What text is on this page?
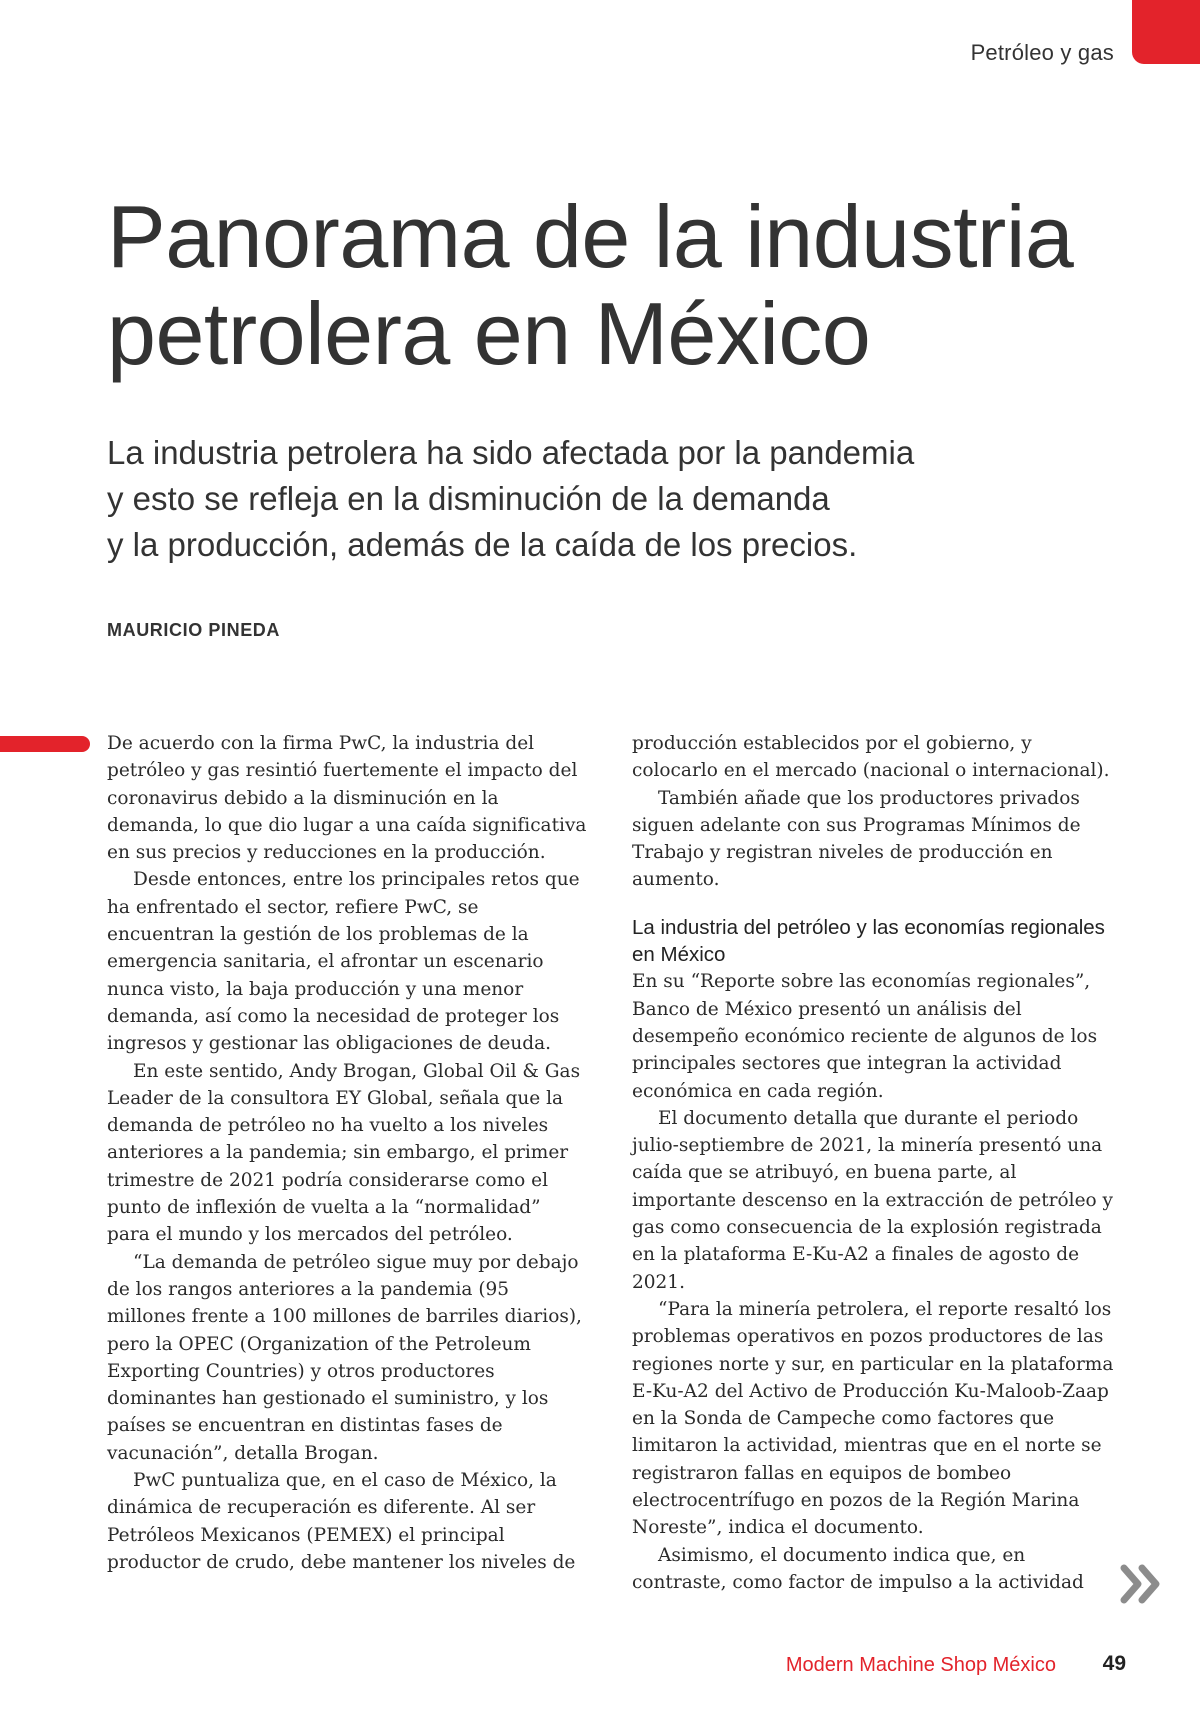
Petróleo y gas
Panorama de la industria petrolera en México

La industria petrolera ha sido afectada por la pandemia
y esto se refleja en la disminución de la demanda
y la producción, además de la caída de los precios.

MAURICIO PINEDA

De acuerdo con la firma PwC, la industria del petróleo y gas resintió fuertemente el impacto del coronavirus debido a la disminución en la demanda, lo que dio lugar a una caída significativa en sus precios y reducciones en la producción.

Desde entonces, entre los principales retos que ha enfrentado el sector, refiere PwC, se encuentran la gestión de los problemas de la emergencia sanitaria, el afrontar un escenario nunca visto, la baja producción y una menor demanda, así como la necesidad de proteger los ingresos y gestionar las obligaciones de deuda.

En este sentido, Andy Brogan, Global Oil & Gas Leader de la consultora EY Global, señala que la demanda de petróleo no ha vuelto a los niveles anteriores a la pandemia; sin embargo, el primer trimestre de 2021 podría considerarse como el punto de inflexión de vuelta a la “normalidad” para el mundo y los mercados del petróleo.

“La demanda de petróleo sigue muy por debajo de los rangos anteriores a la pandemia (95 millones frente a 100 millones de barriles diarios), pero la OPEC (Organization of the Petroleum Exporting Countries) y otros productores dominantes han gestionado el suministro, y los países se encuentran en distintas fases de vacunación”, detalla Brogan.

PwC puntualiza que, en el caso de México, la dinámica de recuperación es diferente. Al ser Petróleos Mexicanos (PEMEX) el principal productor de crudo, debe mantener los niveles de

producción establecidos por el gobierno, y colocarlo en el mercado (nacional o internacional).

También añade que los productores privados siguen adelante con sus Programas Mínimos de Trabajo y registran niveles de producción en aumento.

La industria del petróleo y las economías regionales en México

En su “Reporte sobre las economías regionales”, Banco de México presentó un análisis del desempeño económico reciente de algunos de los principales sectores que integran la actividad económica en cada región.

El documento detalla que durante el periodo julio-septiembre de 2021, la minería presentó una caída que se atribuyó, en buena parte, al importante descenso en la extracción de petróleo y gas como consecuencia de la explosión registrada en la plataforma E-Ku-A2 a finales de agosto de 2021.

“Para la minería petrolera, el reporte resaltó los problemas operativos en pozos productores de las regiones norte y sur, en particular en la plataforma E-Ku-A2 del Activo de Producción Ku-Maloob-Zaap en la Sonda de Campeche como factores que limitaron la actividad, mientras que en el norte se registraron fallas en equipos de bombeo electrocentrífugo en pozos de la Región Marina Noreste”, indica el documento.

Asimismo, el documento indica que, en contraste, como factor de impulso a la actividad

Modern Machine Shop México 49
